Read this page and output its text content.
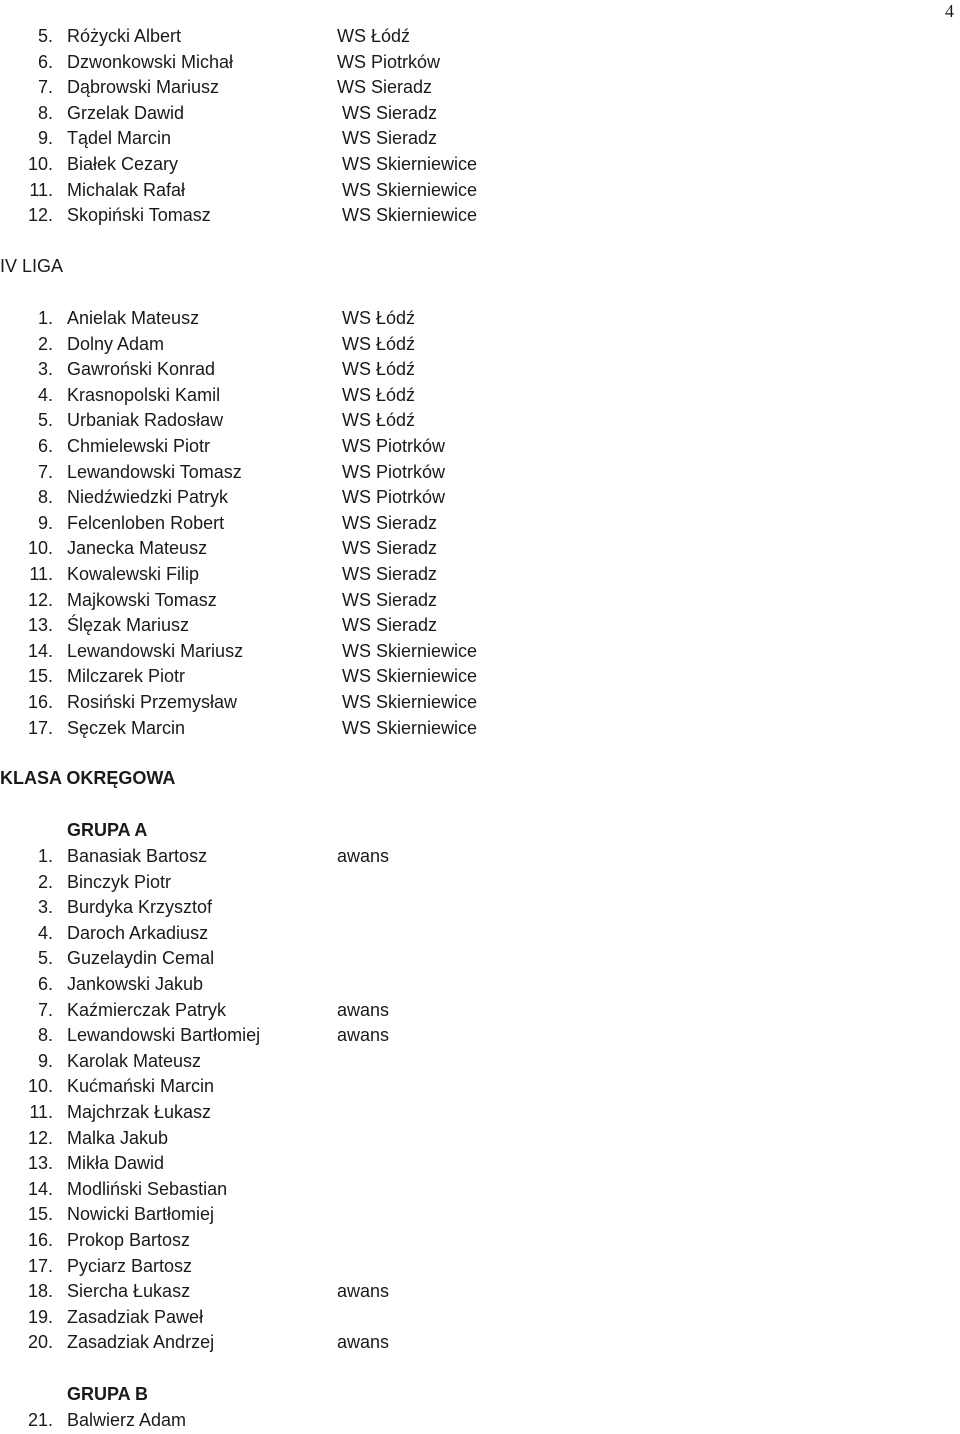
4
5. Różycki Albert	WS Łódź
6. Dzwonkowski Michał	WS Piotrków
7. Dąbrowski Mariusz	WS Sieradz
8. Grzelak Dawid	WS Sieradz
9. Tądel Marcin	WS Sieradz
10. Białek Cezary	WS Skierniewice
11. Michalak Rafał	WS Skierniewice
12. Skopiński Tomasz	WS Skierniewice
IV LIGA
1. Anielak Mateusz	WS Łódź
2. Dolny Adam	WS Łódź
3. Gawroński Konrad	WS Łódź
4. Krasnopolski Kamil	WS Łódź
5. Urbaniak Radosław	WS Łódź
6. Chmielewski Piotr	WS Piotrków
7. Lewandowski Tomasz	WS Piotrków
8. Niedźwiedzki Patryk	WS Piotrków
9. Felcenloben Robert	WS Sieradz
10. Janecka Mateusz	WS Sieradz
11. Kowalewski Filip	WS Sieradz
12. Majkowski Tomasz	WS Sieradz
13. Ślęzak Mariusz	WS Sieradz
14. Lewandowski Mariusz	WS Skierniewice
15. Milczarek Piotr	WS Skierniewice
16. Rosiński Przemysław	WS Skierniewice
17. Sęczek Marcin	WS Skierniewice
KLASA OKRĘGOWA
GRUPA A
1. Banasiak Bartosz	awans
2. Binczyk Piotr
3. Burdyka Krzysztof
4. Daroch Arkadiusz
5. Guzelaydin Cemal
6. Jankowski Jakub
7. Kaźmierczak Patryk	awans
8. Lewandowski Bartłomiej	awans
9. Karolak Mateusz
10. Kućmański Marcin
11. Majchrzak Łukasz
12. Malka Jakub
13. Mikła Dawid
14. Modliński Sebastian
15. Nowicki Bartłomiej
16. Prokop Bartosz
17. Pyciarz Bartosz
18. Siercha Łukasz	awans
19. Zasadziak Paweł
20. Zasadziak Andrzej	awans
GRUPA B
21. Balwierz Adam
